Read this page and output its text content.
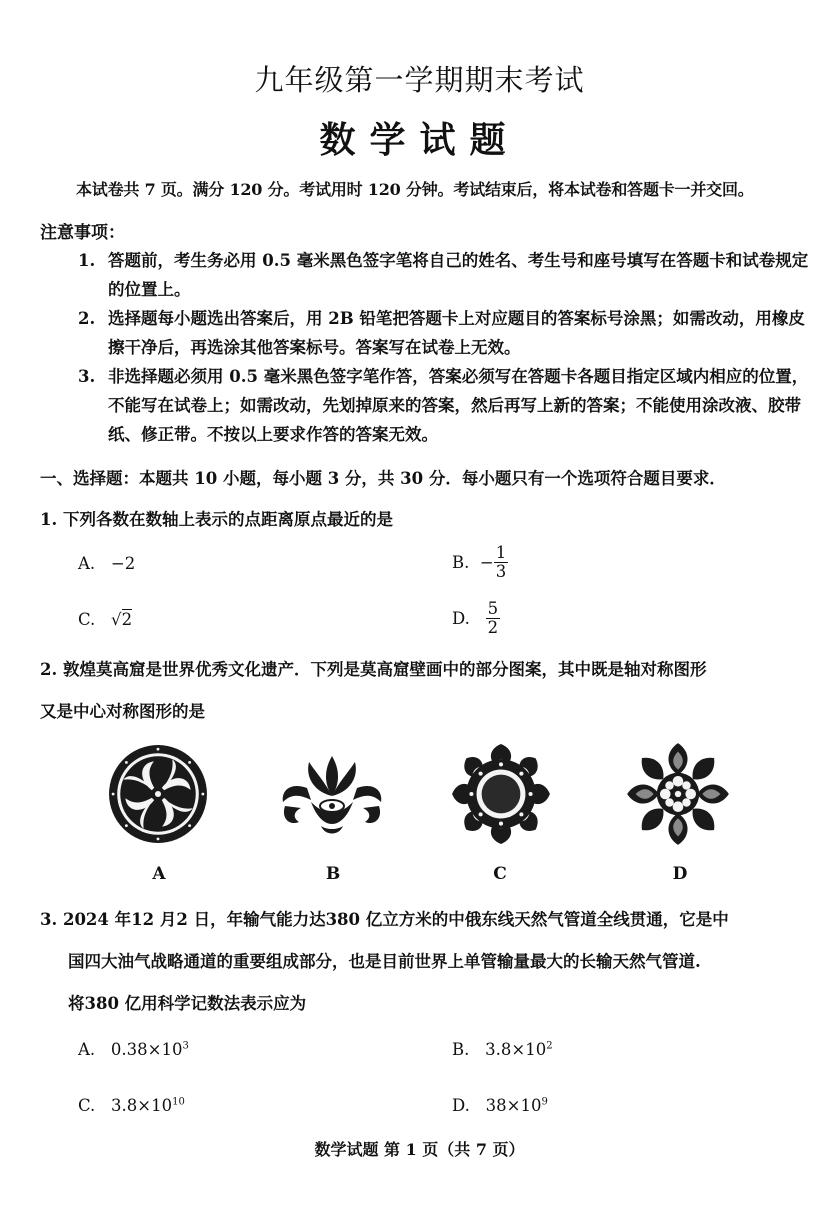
九年级第一学期期末考试
数学试题
本试卷共 7 页。满分 120 分。考试用时 120 分钟。考试结束后，将本试卷和答题卡一并交回。
注意事项：
1. 答题前，考生务必用 0.5 毫米黑色签字笔将自己的姓名、考生号和座号填写在答题卡和试卷规定的位置上。
2. 选择题每小题选出答案后，用 2B 铅笔把答题卡上对应题目的答案标号涂黑；如需改动，用橡皮擦干净后，再选涂其他答案标号。答案写在试卷上无效。
3. 非选择题必须用 0.5 毫米黑色签字笔作答，答案必须写在答题卡各题目指定区域内相应的位置，不能写在试卷上；如需改动，先划掉原来的答案，然后再写上新的答案；不能使用涂改液、胶带纸、修正带。不按以上要求作答的答案无效。
一、选择题：本题共 10 小题，每小题 3 分，共 30 分．每小题只有一个选项符合题目要求．
1. 下列各数在数轴上表示的点距离原点最近的是
A. −2	B. − $\frac{1}{3}$
C. √2	D. $\frac{5}{2}$
2. 敦煌莫高窟是世界优秀文化遗产．下列是莫高窟壁画中的部分图案，其中既是轴对称图形
又是中心对称图形的是
A	B	C	D
3. 2024 年12 月2 日，年输气能力达380 亿立方米的中俄东线天然气管道全线贯通，它是中
国四大油气战略通道的重要组成部分，也是目前世界上单管输量最大的长输天然气管道.
将380 亿用科学记数法表示应为
A. $0.38\times 10^3$	B. $3.8\times 10^2$
C. $3.8\times 10^{10}$	D. $38\times 10^9$
数学试题 第 1 页（共 7 页）
